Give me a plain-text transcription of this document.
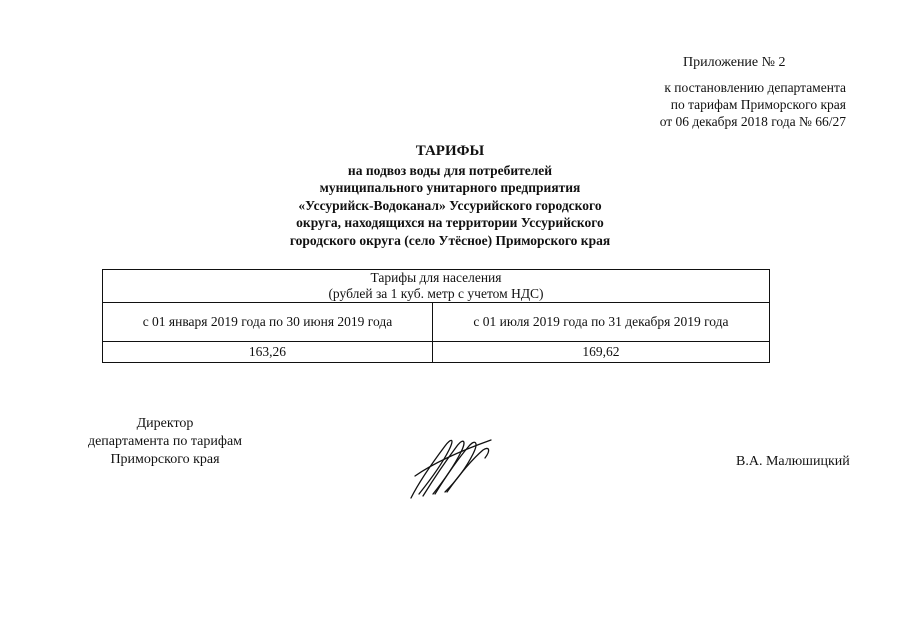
Приложение № 2
к постановлению департамента
по тарифам Приморского края
от 06 декабря 2018 года № 66/27
ТАРИФЫ
на подвоз воды для потребителей
муниципального унитарного предприятия
«Уссурийск-Водоканал» Уссурийского городского
округа, находящихся на территории Уссурийского
городского округа (село Утёсное) Приморского края
Тарифы для населения
(рублей за 1 куб. метр с учетом НДС)	

с 01 января 2019 года по 30 июня 2019 года	с 01 июля 2019 года по 31 декабря 2019 года
163,26	169,62
Директор
департамента по тарифам
Приморского края	В.А. Малюшицкий
